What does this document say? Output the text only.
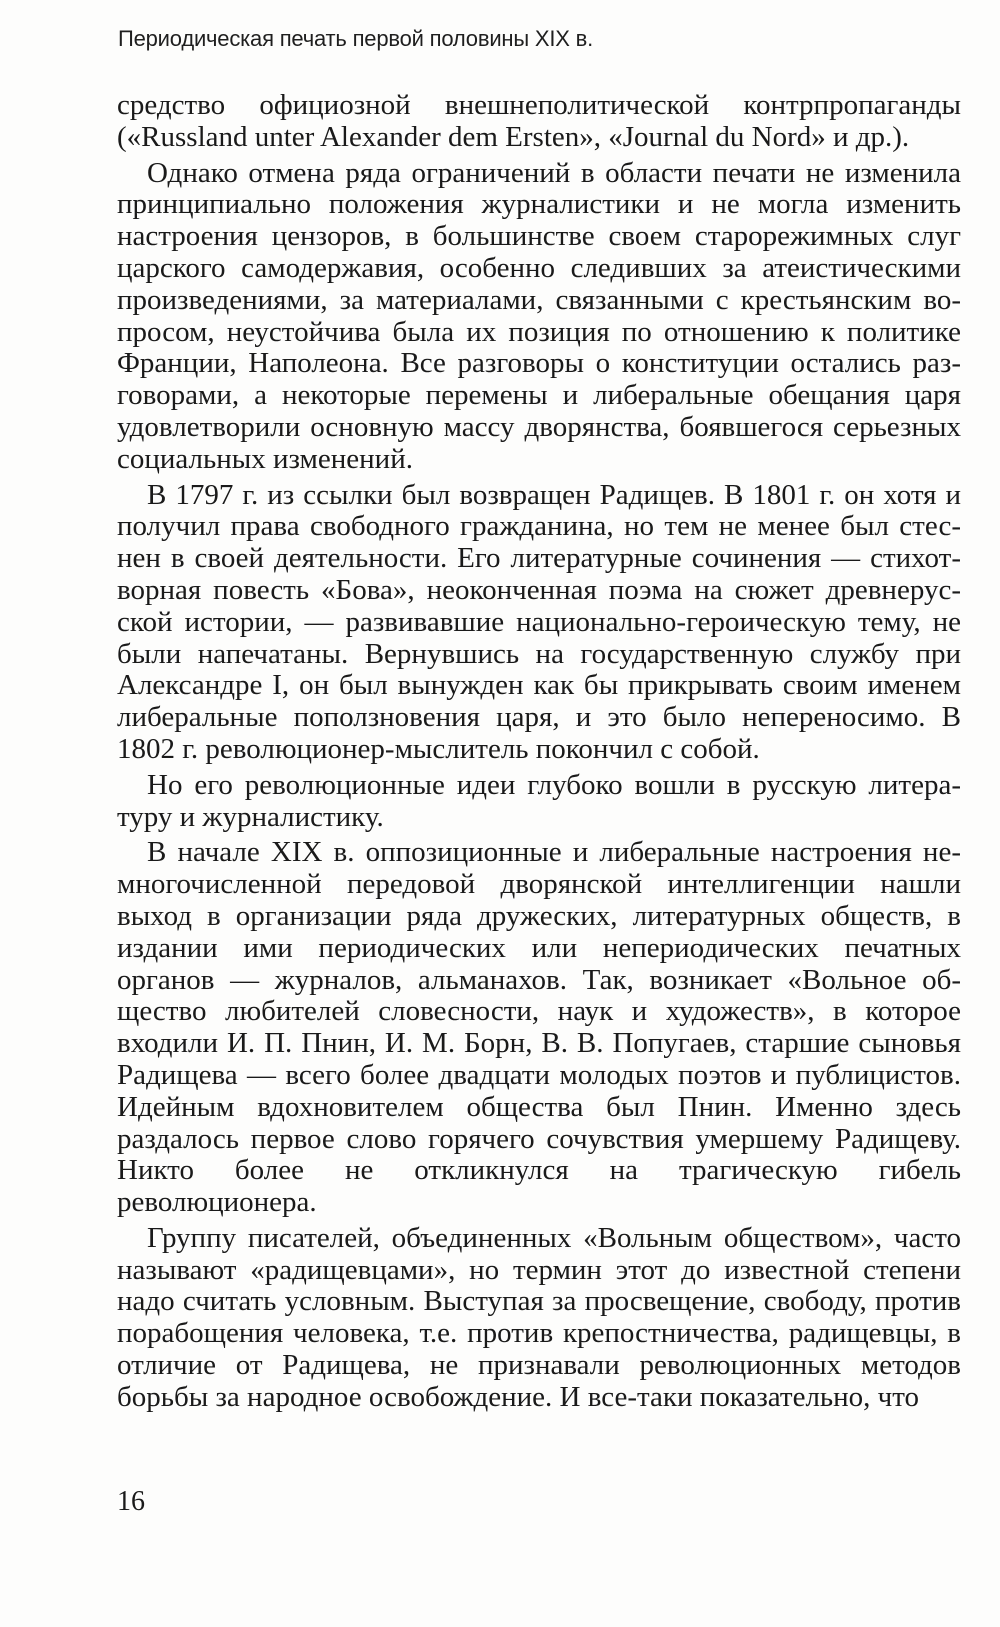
Периодическая печать первой половины XIX в.

средство официозной внешнеполитической контрпропаганды («Russland unter Alexander dem Ersten», «Journal du Nord» и др.).

Однако отмена ряда ограничений в области печати не изменила принципиально положения журналистики и не могла изменить настроения цензоров, в большинстве своем старорежимных слуг царского самодержавия, особенно следивших за атеистическими произведениями, за материалами, связанными с крестьянским вопросом, неустойчива была их позиция по отношению к политике Франции, Наполеона. Все разговоры о конституции остались разговорами, а некоторые перемены и либеральные обещания царя удовлетворили основную массу дворянства, боявшегося серьезных социальных изменений.

В 1797 г. из ссылки был возвращен Радищев. В 1801 г. он хотя и получил права свободного гражданина, но тем не менее был стеснен в своей деятельности. Его литературные сочинения — стихотворная повесть «Бова», неоконченная поэма на сюжет древнерусской истории, — развивавшие национально-героическую тему, не были напечатаны. Вернувшись на государственную службу при Александре I, он был вынужден как бы прикрывать своим именем либеральные поползновения царя, и это было непереносимо. В 1802 г. революционер-мыслитель покончил с собой.

Но его революционные идеи глубоко вошли в русскую литературу и журналистику.

В начале XIX в. оппозиционные и либеральные настроения немногочисленной передовой дворянской интеллигенции нашли выход в организации ряда дружеских, литературных обществ, в издании ими периодических или непериодических печатных органов — журналов, альманахов. Так, возникает «Вольное общество любителей словесности, наук и художеств», в которое входили И. П. Пнин, И. М. Борн, В. В. Попугаев, старшие сыновья Радищева — всего более двадцати молодых поэтов и публицистов. Идейным вдохновителем общества был Пнин. Именно здесь раздалось первое слово горячего сочувствия умершему Радищеву. Никто более не откликнулся на трагическую гибель революционера.

Группу писателей, объединенных «Вольным обществом», часто называют «радищевцами», но термин этот до известной степени надо считать условным. Выступая за просвещение, свободу, против порабощения человека, т.е. против крепостничества, радищевцы, в отличие от Радищева, не признавали революционных методов борьбы за народное освобождение. И все-таки показательно, что

16
